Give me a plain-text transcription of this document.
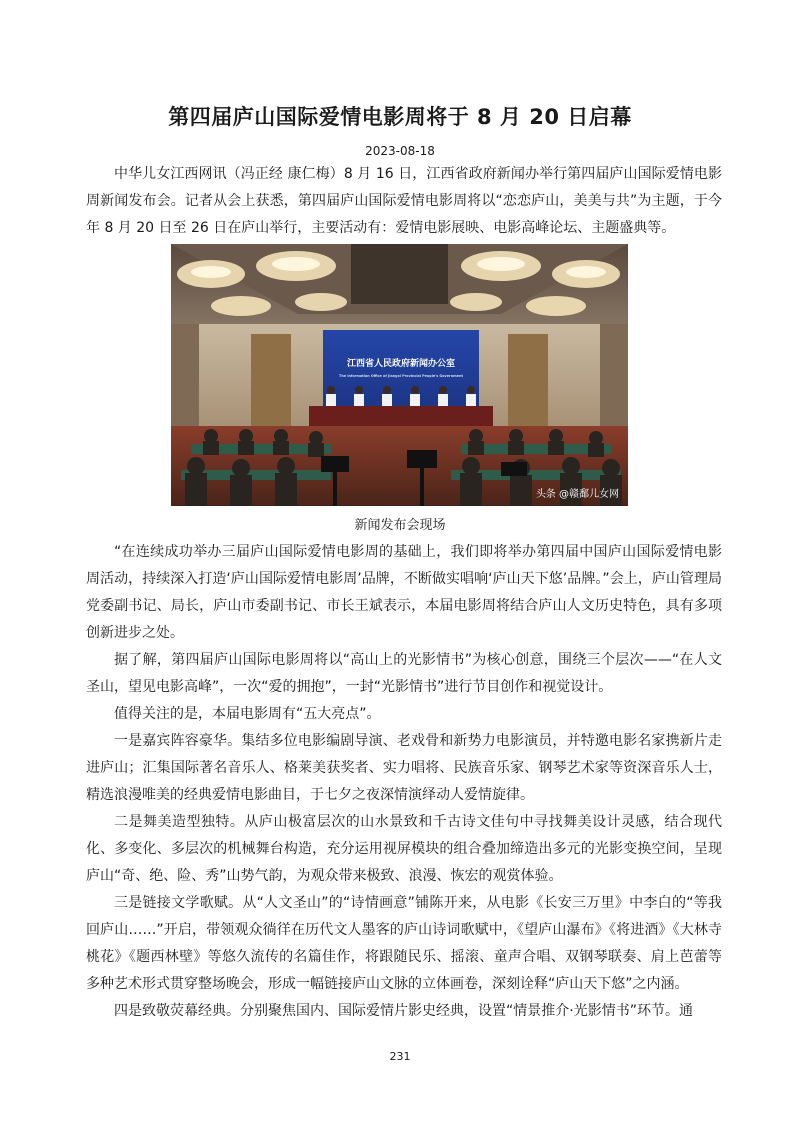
第四届庐山国际爱情电影周将于 8 月 20 日启幕
2023-08-18

中华儿女江西网讯（冯正经 康仁梅）8 月 16 日，江西省政府新闻办举行第四届庐山国际爱情电影周新闻发布会。记者从会上获悉，第四届庐山国际爱情电影周将以“恋恋庐山，美美与共”为主题，于今年 8 月 20 日至 26 日在庐山举行，主要活动有：爱情电影展映、电影高峰论坛、主题盛典等。

江西省人民政府新闻办公室
The Information Office of Jiangxi Provincial People's Government
头条 @赣鄱儿女网
新闻发布会现场

“在连续成功举办三届庐山国际爱情电影周的基础上，我们即将举办第四届中国庐山国际爱情电影周活动，持续深入打造‘庐山国际爱情电影周’品牌，不断做实唱响‘庐山天下悠’品牌。”会上，庐山管理局党委副书记、局长，庐山市委副书记、市长王斌表示，本届电影周将结合庐山人文历史特色，具有多项创新进步之处。

据了解，第四届庐山国际电影周将以“高山上的光影情书”为核心创意，围绕三个层次——“在人文圣山，望见电影高峰”，一次“爱的拥抱”，一封“光影情书”进行节目创作和视觉设计。

值得关注的是，本届电影周有“五大亮点”。

一是嘉宾阵容豪华。集结多位电影编剧导演、老戏骨和新势力电影演员，并特邀电影名家携新片走进庐山；汇集国际著名音乐人、格莱美获奖者、实力唱将、民族音乐家、钢琴艺术家等资深音乐人士，精选浪漫唯美的经典爱情电影曲目，于七夕之夜深情演绎动人爱情旋律。

二是舞美造型独特。从庐山极富层次的山水景致和千古诗文佳句中寻找舞美设计灵感，结合现代化、多变化、多层次的机械舞台构造，充分运用视屏模块的组合叠加缔造出多元的光影变换空间，呈现庐山“奇、绝、险、秀”山势气韵，为观众带来极致、浪漫、恢宏的观赏体验。

三是链接文学歌赋。从“人文圣山”的“诗情画意”铺陈开来，从电影《长安三万里》中李白的“等我回庐山……”开启，带领观众徜徉在历代文人墨客的庐山诗词歌赋中，《望庐山瀑布》《将进酒》《大林寺桃花》《题西林壁》等悠久流传的名篇佳作，将跟随民乐、摇滚、童声合唱、双钢琴联奏、肩上芭蕾等多种艺术形式贯穿整场晚会，形成一幅链接庐山文脉的立体画卷，深刻诠释“庐山天下悠”之内涵。

四是致敬荧幕经典。分别聚焦国内、国际爱情片影史经典，设置“情景推介·光影情书”环节。通

231
